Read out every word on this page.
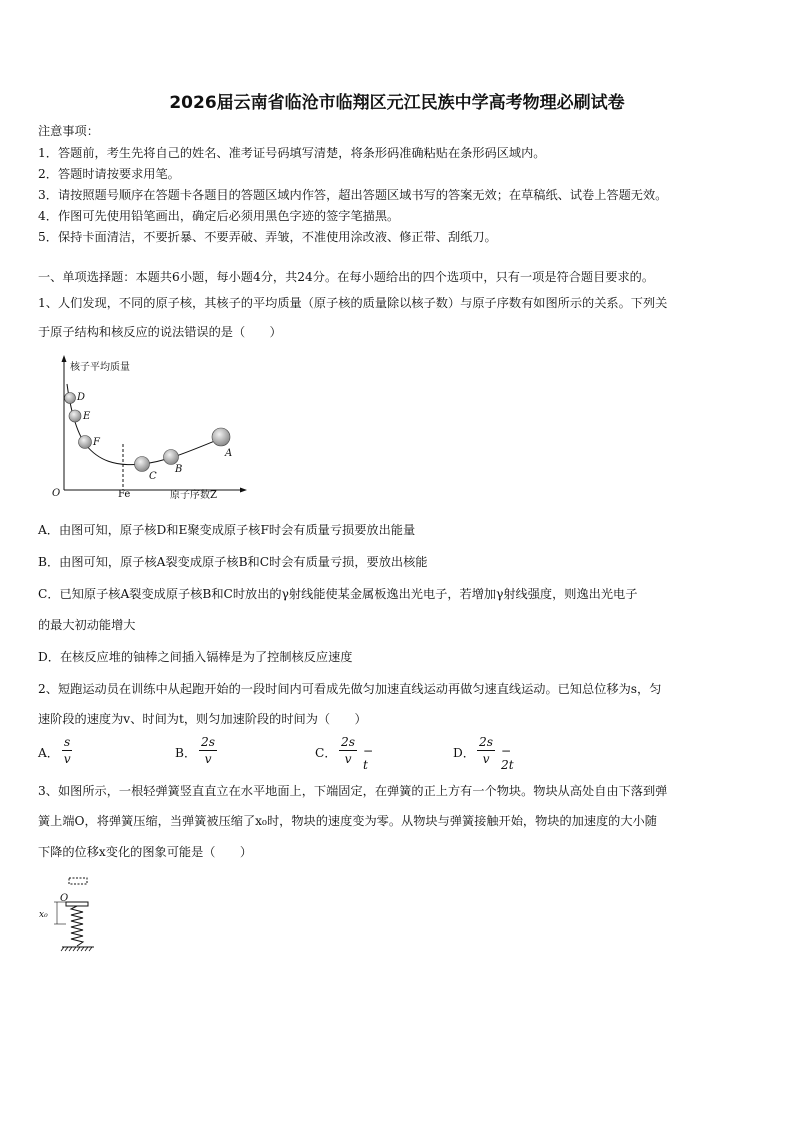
2026届云南省临沧市临翔区元江民族中学高考物理必刷试卷
注意事项：
1．答题前，考生先将自己的姓名、准考证号码填写清楚，将条形码准确粘贴在条形码区域内。
2．答题时请按要求用笔。
3．请按照题号顺序在答题卡各题目的答题区域内作答，超出答题区域书写的答案无效；在草稿纸、试卷上答题无效。
4．作图可先使用铅笔画出，确定后必须用黑色字迹的签字笔描黑。
5．保持卡面清洁，不要折暴、不要弄破、弄皱，不准使用涂改液、修正带、刮纸刀。
一、单项选择题：本题共6小题，每小题4分，共24分。在每小题给出的四个选项中，只有一项是符合题目要求的。
1、人们发现，不同的原子核，其核子的平均质量（原子核的质量除以核子数）与原子序数有如图所示的关系。下列关
于原子结构和核反应的说法错误的是（　　）
核子平均质量
O	原子序数Z
Fe
D
E
F
C
B
A
A．由图可知，原子核D和E聚变成原子核F时会有质量亏损要放出能量
B．由图可知，原子核A裂变成原子核B和C时会有质量亏损，要放出核能
C．已知原子核A裂变成原子核B和C时放出的γ射线能使某金属板逸出光电子，若增加γ射线强度，则逸出光电子
的最大初动能增大
D．在核反应堆的铀棒之间插入镉棒是为了控制核反应速度
2、短跑运动员在训练中从起跑开始的一段时间内可看成先做匀加速直线运动再做匀速直线运动。已知总位移为s，匀
速阶段的速度为v、时间为t，则匀加速阶段的时间为（　　）
A． $\frac{s}{v}$	B． $\frac{2s}{v}$	C． $\frac{2s}{v} - t$
D． $\frac{2s}{v} - 2t$
3、如图所示，一根轻弹簧竖直直立在水平地面上，下端固定，在弹簧的正上方有一个物块。物块从高处自由下落到弹
簧上端O，将弹簧压缩，当弹簧被压缩了x₀时，物块的速度变为零。从物块与弹簧接触开始，物块的加速度的大小随
下降的位移x变化的图象可能是（　　）
O
x₀
